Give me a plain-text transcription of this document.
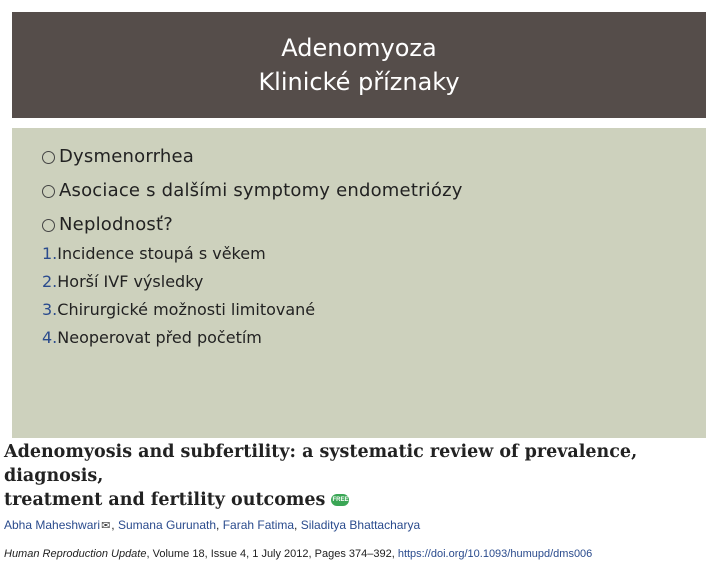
Adenomyoza
Klinické příznaky
Dysmenorrhea
Asociace s dalšími symptomy endometriózy
Neplodnosť?
1.Incidence stoupá s věkem
2.Horší IVF výsledky
3.Chirurgické možnosti limitované
4.Neoperovat před početím
Adenomyosis and subfertility: a systematic review of prevalence, diagnosis,
treatment and fertility outcomes FREE
Abha Maheshwari✉, Sumana Gurunath, Farah Fatima, Siladitya Bhattacharya
Human Reproduction Update, Volume 18, Issue 4, 1 July 2012, Pages 374–392, https://doi.org/10.1093/humupd/dms006
